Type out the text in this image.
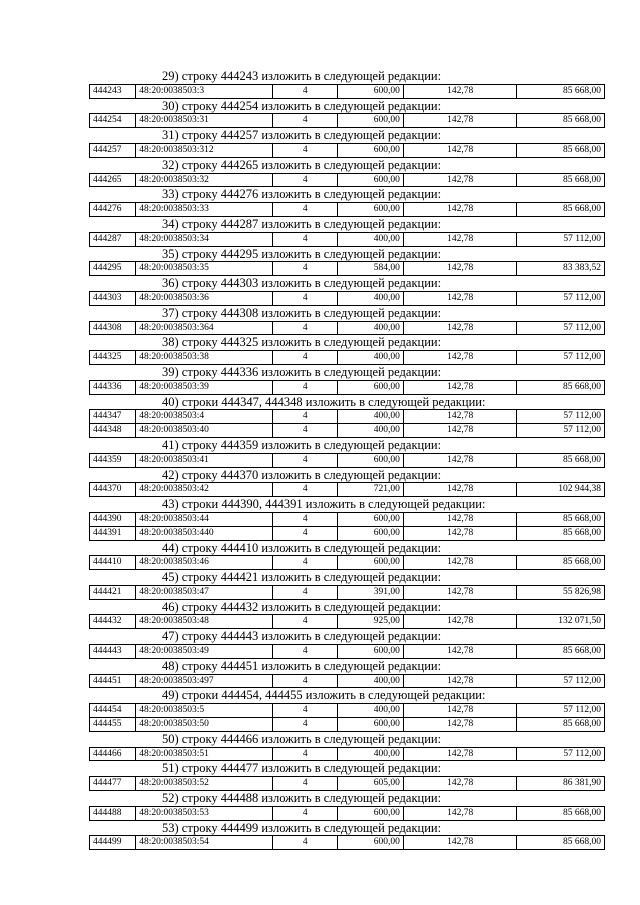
29) строку 444243 изложить в следующей редакции:
444243	48:20:0038503:3	4	600,00	142,78	85 668,00
30) строку 444254 изложить в следующей редакции:
444254	48:20:0038503:31	4	600,00	142,78	85 668,00
31) строку 444257 изложить в следующей редакции:
444257	48:20:0038503:312	4	600,00	142,78	85 668,00
32) строку 444265 изложить в следующей редакции:
444265	48:20:0038503:32	4	600,00	142,78	85 668,00
33) строку 444276 изложить в следующей редакции:
444276	48:20:0038503:33	4	600,00	142,78	85 668,00
34) строку 444287 изложить в следующей редакции:
444287	48:20:0038503:34	4	400,00	142,78	57 112,00
35) строку 444295 изложить в следующей редакции:
444295	48:20:0038503:35	4	584,00	142,78	83 383,52
36) строку 444303 изложить в следующей редакции:
444303	48:20:0038503:36	4	400,00	142,78	57 112,00
37) строку 444308 изложить в следующей редакции:
444308	48:20:0038503:364	4	400,00	142,78	57 112,00
38) строку 444325 изложить в следующей редакции:
444325	48:20:0038503:38	4	400,00	142,78	57 112,00
39) строку 444336 изложить в следующей редакции:
444336	48:20:0038503:39	4	600,00	142,78	85 668,00
40) строки 444347, 444348 изложить в следующей редакции:
444347	48:20:0038503:4	4	400,00	142,78	57 112,00
444348	48:20:0038503:40	4	400,00	142,78	57 112,00
41) строку 444359 изложить в следующей редакции:
444359	48:20:0038503:41	4	600,00	142,78	85 668,00
42) строку 444370 изложить в следующей редакции:
444370	48:20:0038503:42	4	721,00	142,78	102 944,38
43) строки 444390, 444391 изложить в следующей редакции:
444390	48:20:0038503:44	4	600,00	142,78	85 668,00
444391	48:20:0038503:440	4	600,00	142,78	85 668,00
44) строку 444410 изложить в следующей редакции:
444410	48:20:0038503:46	4	600,00	142,78	85 668,00
45) строку 444421 изложить в следующей редакции:
444421	48:20:0038503:47	4	391,00	142,78	55 826,98
46) строку 444432 изложить в следующей редакции:
444432	48:20:0038503:48	4	925,00	142,78	132 071,50
47) строку 444443 изложить в следующей редакции:
444443	48:20:0038503:49	4	600,00	142,78	85 668,00
48) строку 444451 изложить в следующей редакции:
444451	48:20:0038503:497	4	400,00	142,78	57 112,00
49) строки 444454, 444455 изложить в следующей редакции:
444454	48:20:0038503:5	4	400,00	142,78	57 112,00
444455	48:20:0038503:50	4	600,00	142,78	85 668,00
50) строку 444466 изложить в следующей редакции:
444466	48:20:0038503:51	4	400,00	142,78	57 112,00
51) строку 444477 изложить в следующей редакции:
444477	48:20:0038503:52	4	605,00	142,78	86 381,90
52) строку 444488 изложить в следующей редакции:
444488	48:20:0038503:53	4	600,00	142,78	85 668,00
53) строку 444499 изложить в следующей редакции:
444499	48:20:0038503:54	4	600,00	142,78	85 668,00
